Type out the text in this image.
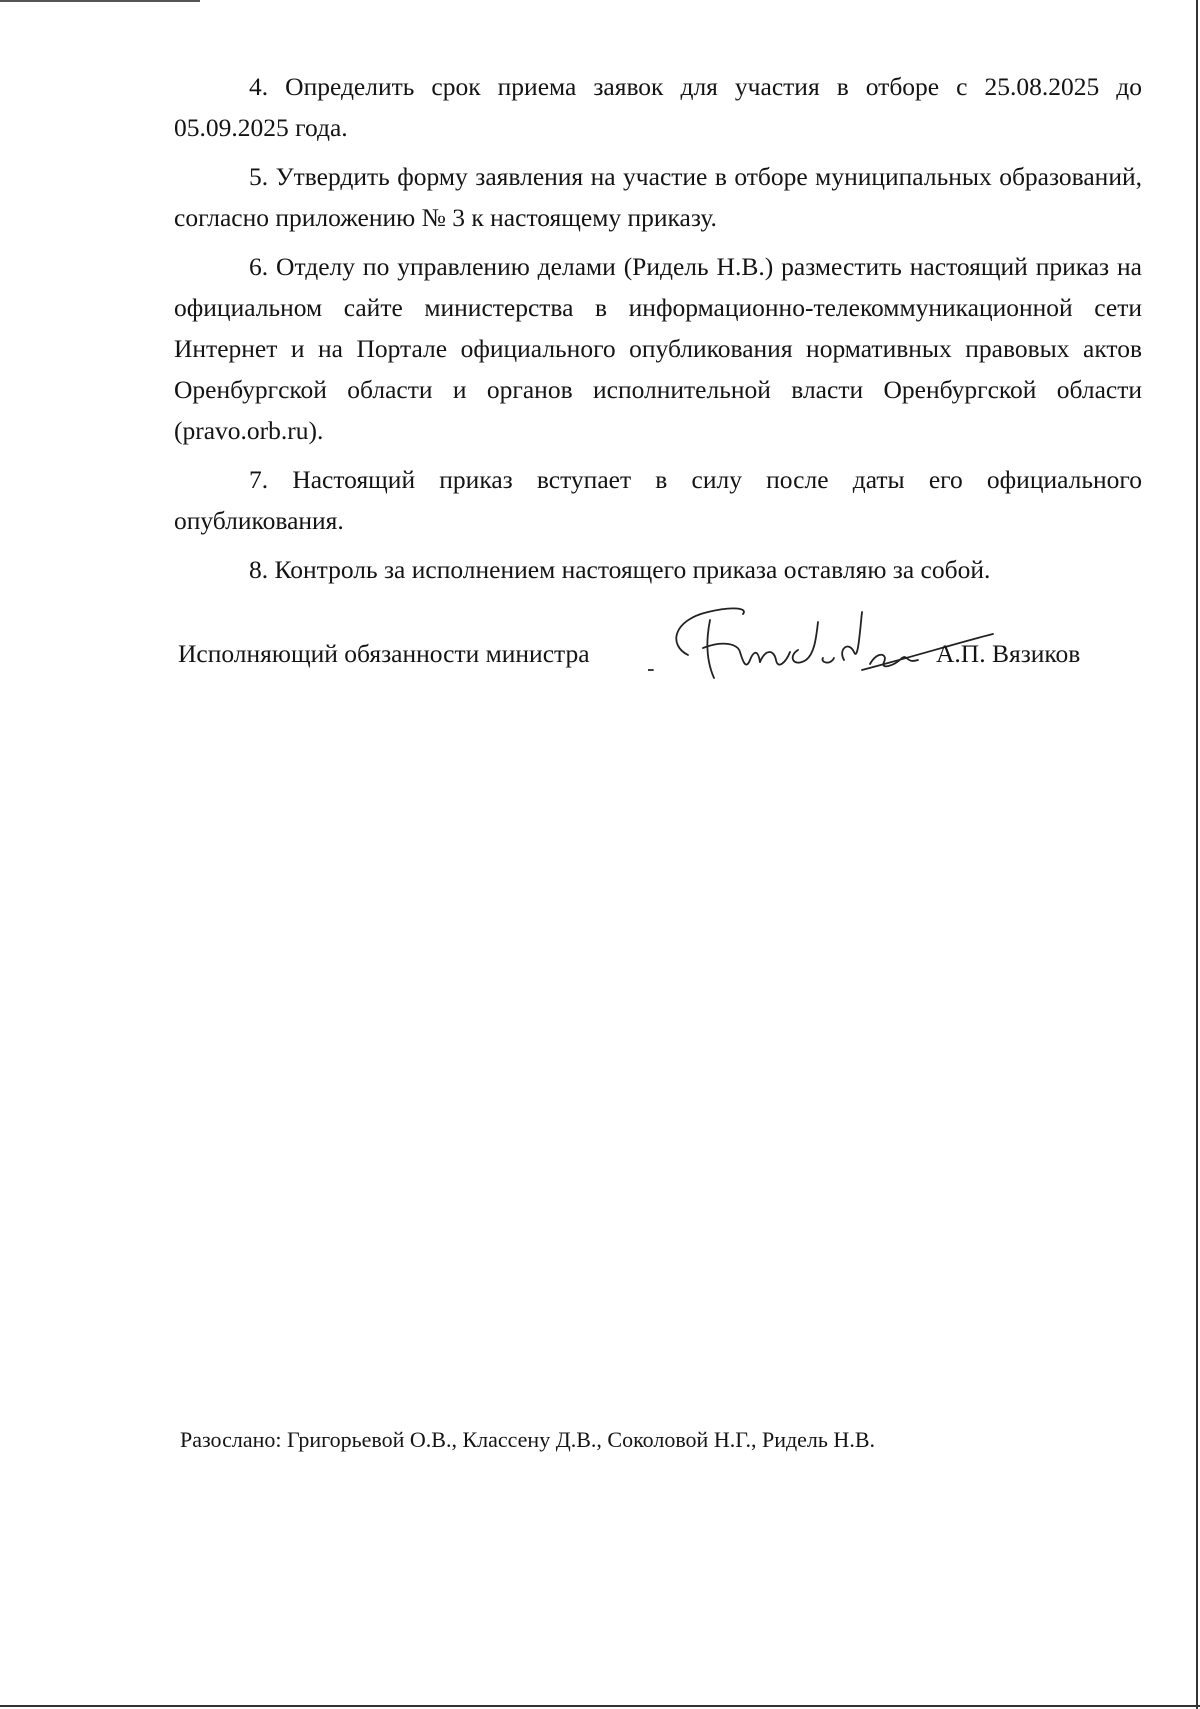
4. Определить срок приема заявок для участия в отборе с 25.08.2025 до 05.09.2025 года.

5. Утвердить форму заявления на участие в отборе муниципальных образований, согласно приложению № 3 к настоящему приказу.

6. Отделу по управлению делами (Ридель Н.В.) разместить настоящий приказ на официальном сайте министерства в информационно-телекоммуникационной сети Интернет и на Портале официального опубликования нормативных правовых актов Оренбургской области и органов исполнительной власти Оренбургской области (pravo.orb.ru).

7. Настоящий приказ вступает в силу после даты его официального опубликования.

8. Контроль за исполнением настоящего приказа оставляю за собой.

Исполняющий обязанности министра	А.П. Вязиков
Разослано: Григорьевой О.В., Классену Д.В., Соколовой Н.Г., Ридель Н.В.
